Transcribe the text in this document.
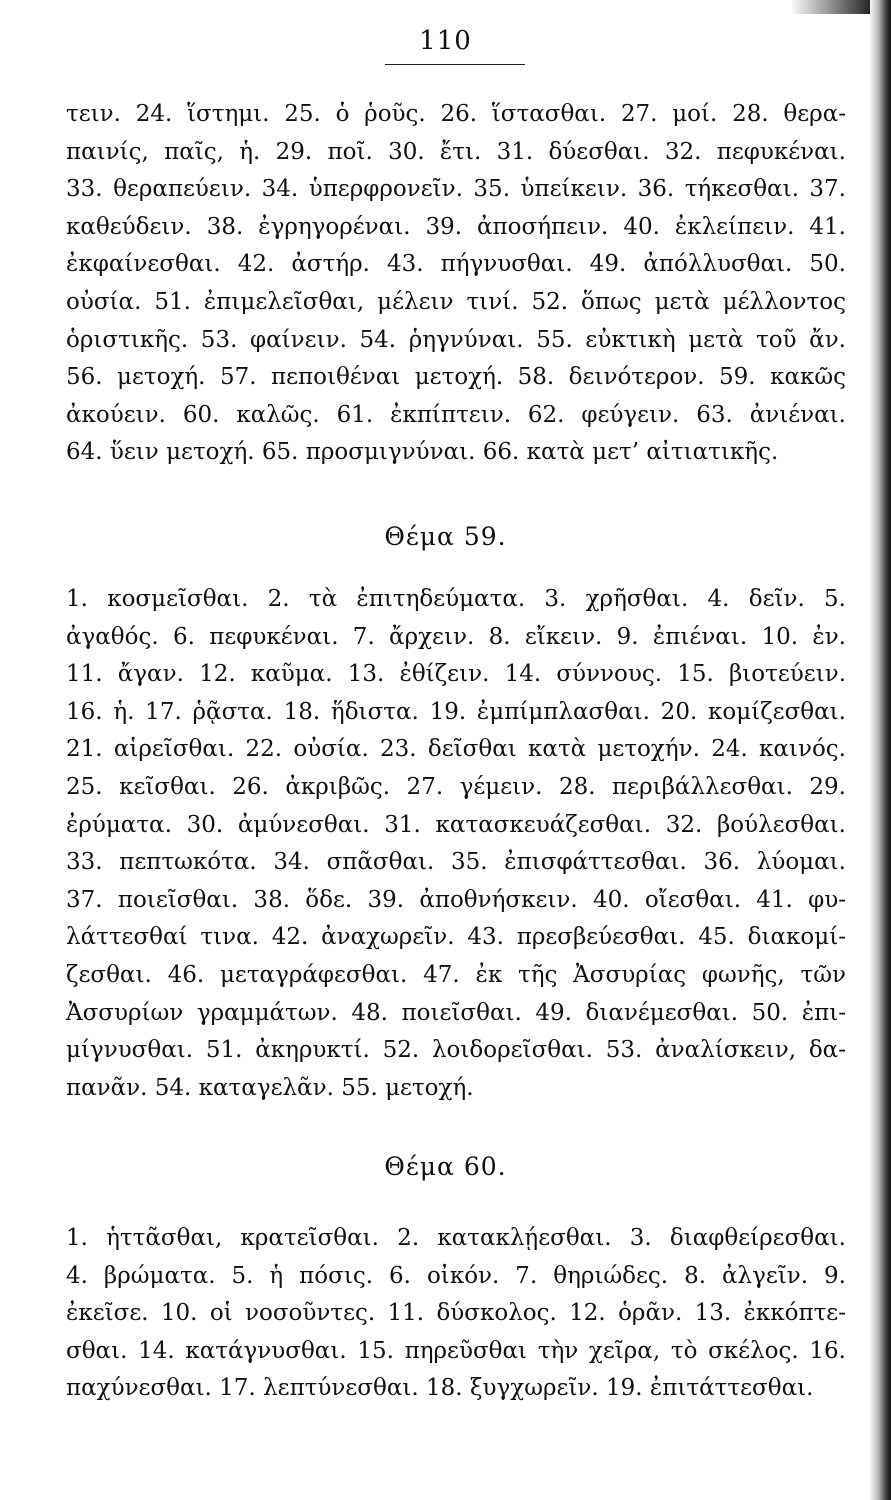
110
τειν. 24. ἵστημι. 25. ὁ ῥοῦς. 26. ἵστασθαι. 27. μοί. 28. θερα-
παινίς, παῖς, ἡ. 29. ποῖ. 30. ἔτι. 31. δύεσθαι. 32. πεφυκέναι.
33. θεραπεύειν. 34. ὑπερφρονεῖν. 35. ὑπείκειν. 36. τήκεσθαι. 37.
καθεύδειν. 38. ἐγρηγορέναι. 39. ἀποσήπειν. 40. ἐκλείπειν. 41.
ἐκφαίνεσθαι. 42. ἀστήρ. 43. πήγνυσθαι. 49. ἀπόλλυσθαι. 50.
οὐσία. 51. ἐπιμελεῖσθαι, μέλειν τινί. 52. ὅπως μετὰ μέλλοντος
ὁριστικῆς. 53. φαίνειν. 54. ῥηγνύναι. 55. εὐκτικὴ μετὰ τοῦ ἄν.
56. μετοχή. 57. πεποιθέναι μετοχή. 58. δεινότερον. 59. κακῶς
ἀκούειν. 60. καλῶς. 61. ἐκπίπτειν. 62. φεύγειν. 63. ἀνιέναι.
64. ὕειν μετοχή. 65. προσμιγνύναι. 66. κατὰ μετ’ αἰτιατικῆς.
Θέμα 59.
1. κοσμεῖσθαι. 2. τὰ ἐπιτηδεύματα. 3. χρῆσθαι. 4. δεῖν. 5.
ἀγαθός. 6. πεφυκέναι. 7. ἄρχειν. 8. εἴκειν. 9. ἐπιέναι. 10. ἐν.
11. ἄγαν. 12. καῦμα. 13. ἐθίζειν. 14. σύννους. 15. βιοτεύειν.
16. ἡ. 17. ῥᾷστα. 18. ἥδιστα. 19. ἐμπίμπλασθαι. 20. κομίζεσθαι.
21. αἱρεῖσθαι. 22. οὐσία. 23. δεῖσθαι κατὰ μετοχήν. 24. καινός.
25. κεῖσθαι. 26. ἀκριβῶς. 27. γέμειν. 28. περιβάλλεσθαι. 29.
ἐρύματα. 30. ἀμύνεσθαι. 31. κατασκευάζεσθαι. 32. βούλεσθαι.
33. πεπτωκότα. 34. σπᾶσθαι. 35. ἐπισφάττεσθαι. 36. λύομαι.
37. ποιεῖσθαι. 38. ὅδε. 39. ἀποθνήσκειν. 40. οἴεσθαι. 41. φυ-
λάττεσθαί τινα. 42. ἀναχωρεῖν. 43. πρεσβεύεσθαι. 45. διακομί-
ζεσθαι. 46. μεταγράφεσθαι. 47. ἐκ τῆς Ἀσσυρίας φωνῆς, τῶν
Ἀσσυρίων γραμμάτων. 48. ποιεῖσθαι. 49. διανέμεσθαι. 50. ἐπι-
μίγνυσθαι. 51. ἀκηρυκτί. 52. λοιδορεῖσθαι. 53. ἀναλίσκειν, δα-
πανᾶν. 54. καταγελᾶν. 55. μετοχή.
Θέμα 60.
1. ἡττᾶσθαι, κρατεῖσθαι. 2. κατακλῄεσθαι. 3. διαφθείρεσθαι.
4. βρώματα. 5. ἡ πόσις. 6. οἰκόν. 7. θηριώδες. 8. ἀλγεῖν. 9.
ἐκεῖσε. 10. οἱ νοσοῦντες. 11. δύσκολος. 12. ὁρᾶν. 13. ἐκκόπτε-
σθαι. 14. κατάγνυσθαι. 15. πηρεῦσθαι τὴν χεῖρα, τὸ σκέλος. 16.
παχύνεσθαι. 17. λεπτύνεσθαι. 18. ξυγχωρεῖν. 19. ἐπιτάττεσθαι.
